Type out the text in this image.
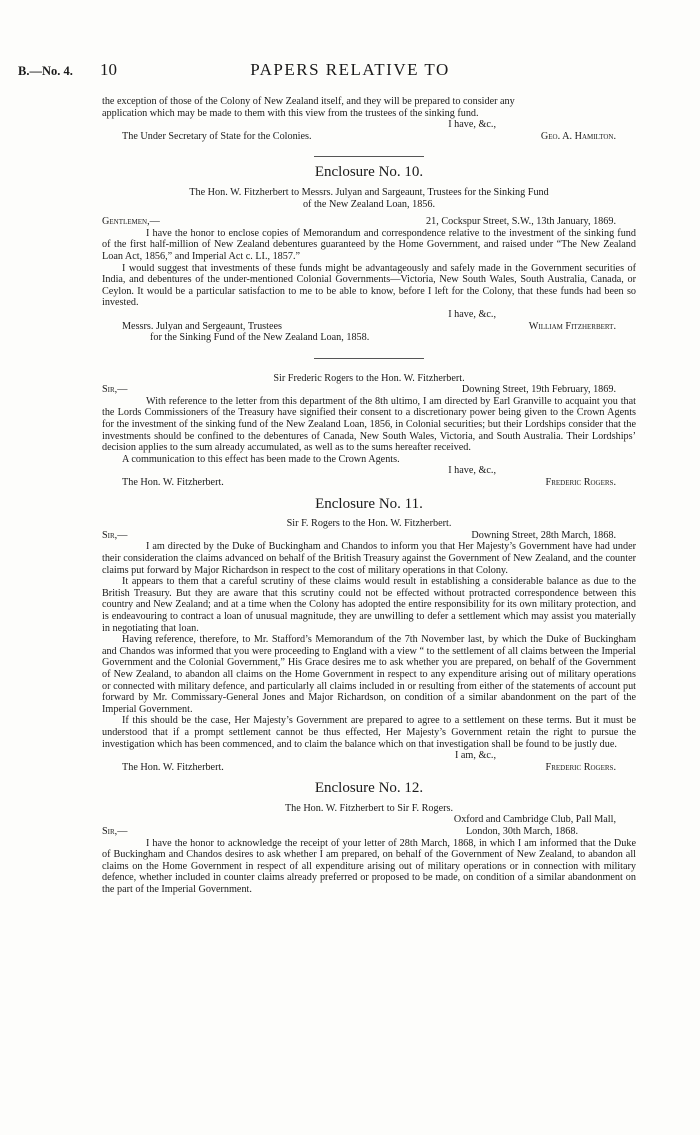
B.—No. 4. 10	PAPERS RELATIVE TO

the exception of those of the Colony of New Zealand itself, and they will be prepared to consider any

application which may be made to them with this view from the trustees of the sinking fund.

I have, &c.,
The Under Secretary of State for the Colonies.	Geo. A. Hamilton.
Enclosure No. 10.
The Hon. W. Fitzherbert to Messrs. Julyan and Sargeaunt, Trustees for the Sinking Fund
of the New Zealand Loan, 1856.
Gentlemen,—	21, Cockspur Street, S.W., 13th January, 1869.

I have the honor to enclose copies of Memorandum and correspondence relative to the investment of the sinking fund of the first half-million of New Zealand debentures guaranteed by the Home Government, and raised under “The New Zealand Loan Act, 1856,” and Imperial Act c. LI., 1857.”

I would suggest that investments of these funds might be advantageously and safely made in the Government securities of India, and debentures of the under-mentioned Colonial Governments—Victoria, New South Wales, South Australia, Canada, or Ceylon. It would be a particular satisfaction to me to be able to know, before I left for the Colony, that these funds had been so invested.

I have, &c.,
Messrs. Julyan and Sergeaunt, Trustees	William Fitzherbert.
for the Sinking Fund of the New Zealand Loan, 1858.
Sir Frederic Rogers to the Hon. W. Fitzherbert.
Sir,—	Downing Street, 19th February, 1869.

With reference to the letter from this department of the 8th ultimo, I am directed by Earl Granville to acquaint you that the Lords Commissioners of the Treasury have signified their consent to a discretionary power being given to the Crown Agents for the investment of the sinking fund of the New Zealand Loan, 1856, in Colonial securities; but their Lordships consider that the investments should be confined to the debentures of Canada, New South Wales, Victoria, and South Australia. Their Lordships’ decision applies to the sum already accumulated, as well as to the sums hereafter received.

A communication to this effect has been made to the Crown Agents.

I have, &c.,
The Hon. W. Fitzherbert.	Frederic Rogers.
Enclosure No. 11.
Sir F. Rogers to the Hon. W. Fitzherbert.
Sir,—	Downing Street, 28th March, 1868.

I am directed by the Duke of Buckingham and Chandos to inform you that Her Majesty’s Government have had under their consideration the claims advanced on behalf of the British Treasury against the Government of New Zealand, and the counter claims put forward by Major Richardson in respect to the cost of military operations in that Colony.

It appears to them that a careful scrutiny of these claims would result in establishing a considerable balance as due to the British Treasury. But they are aware that this scrutiny could not be effected without protracted correspondence between this country and New Zealand; and at a time when the Colony has adopted the entire responsibility for its own military protection, and is endeavouring to contract a loan of unusual magnitude, they are unwilling to defer a settlement which may assist you materially in negotiating that loan.

Having reference, therefore, to Mr. Stafford’s Memorandum of the 7th November last, by which the Duke of Buckingham and Chandos was informed that you were proceeding to England with a view “ to the settlement of all claims between the Imperial Government and the Colonial Government,” His Grace desires me to ask whether you are prepared, on behalf of the Government of New Zealand, to abandon all claims on the Home Government in respect to any expenditure arising out of military operations or connected with military defence, and particularly all claims included in or resulting from either of the statements of account put forward by Mr. Commissary-General Jones and Major Richardson, on condition of a similar abandonment on the part of the Imperial Government.

If this should be the case, Her Majesty’s Government are prepared to agree to a settlement on these terms. But it must be understood that if a prompt settlement cannot be thus effected, Her Majesty’s Government retain the right to pursue the investigation which has been commenced, and to claim the balance which on that investigation shall be found to be justly due.

I am, &c.,
The Hon. W. Fitzherbert.	Frederic Rogers.
Enclosure No. 12.
The Hon. W. Fitzherbert to Sir F. Rogers.
Oxford and Cambridge Club, Pall Mall,
Sir,—	London, 30th March, 1868.

I have the honor to acknowledge the receipt of your letter of 28th March, 1868, in which I am informed that the Duke of Buckingham and Chandos desires to ask whether I am prepared, on behalf of the Government of New Zealand, to abandon all claims on the Home Government in respect of all expenditure arising out of military operations or in connection with military defence, whether included in counter claims already preferred or proposed to be made, on condition of a similar abandonment on the part of the Imperial Government.
